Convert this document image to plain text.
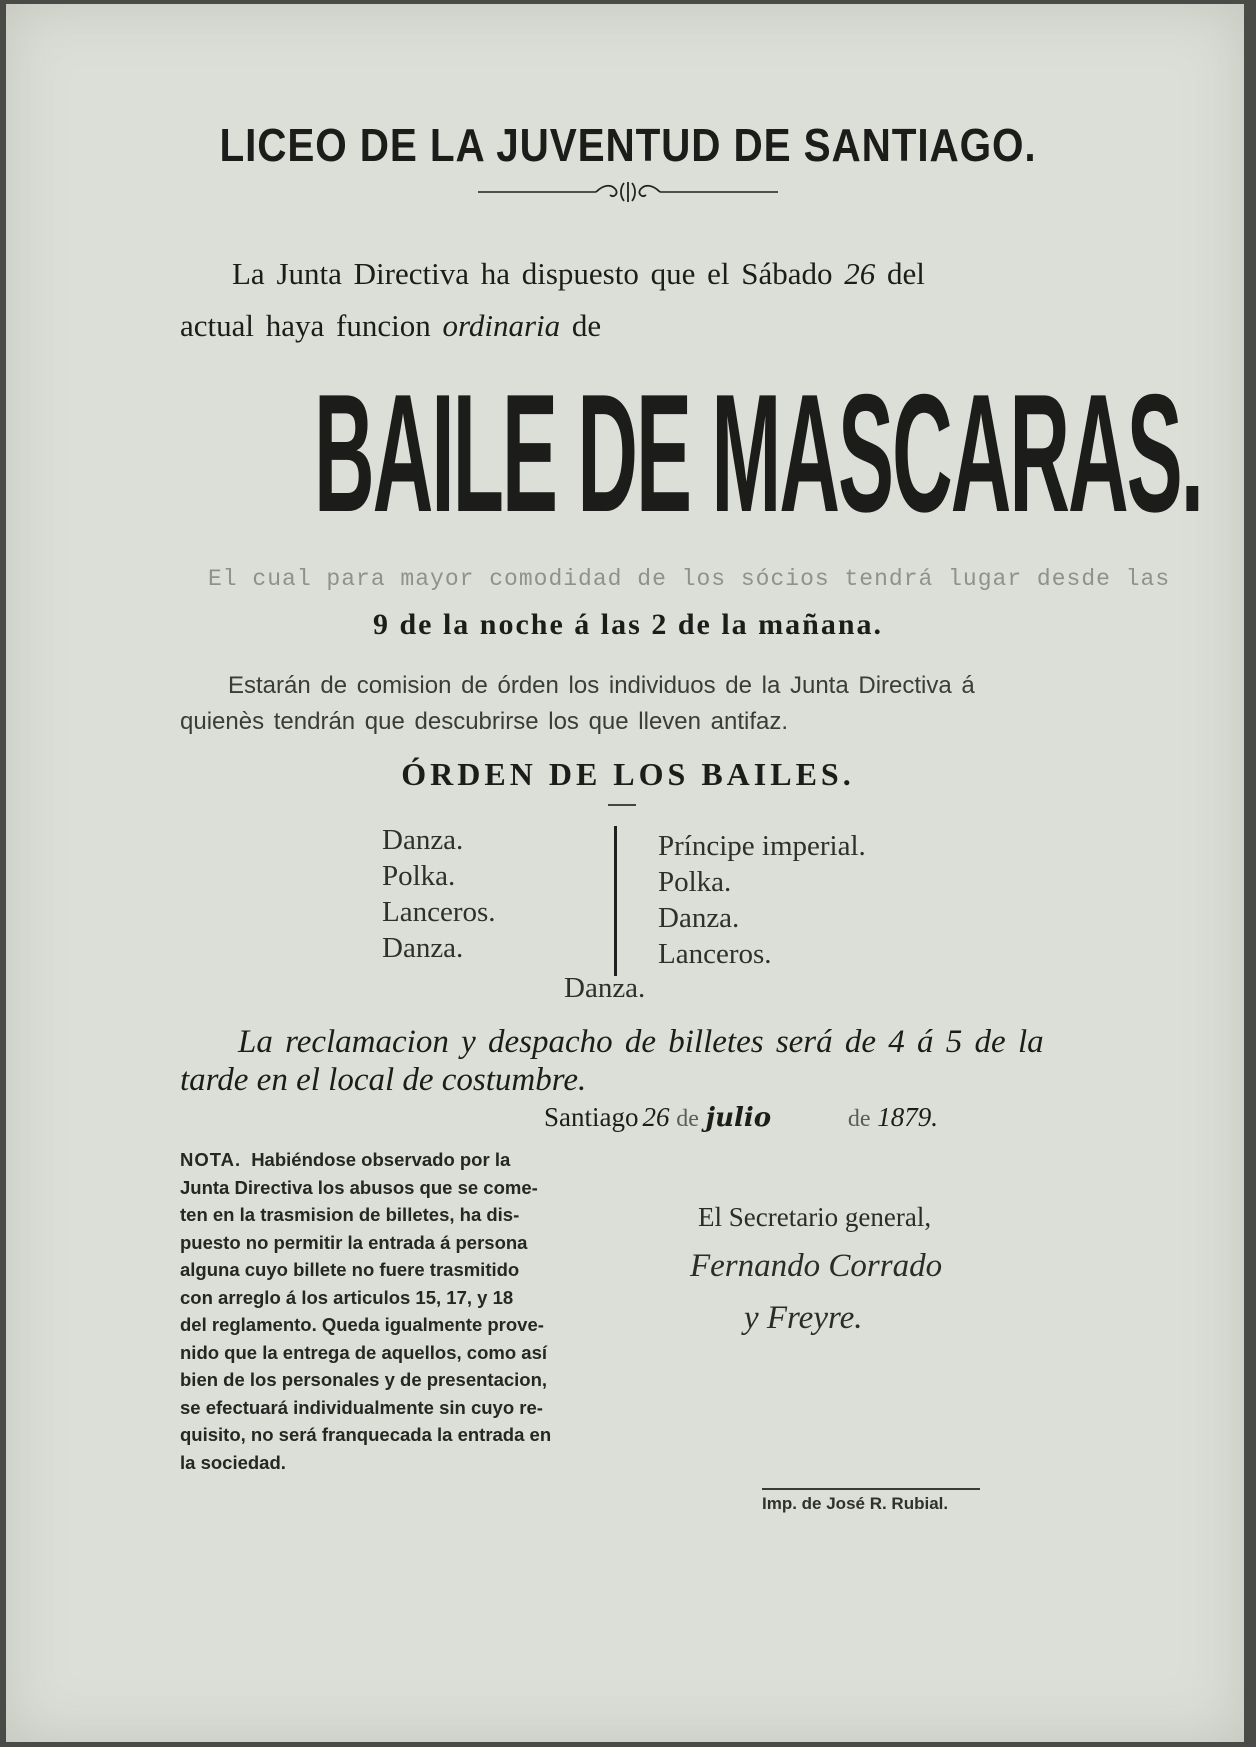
LICEO DE LA JUVENTUD DE SANTIAGO.
La Junta Directiva ha dispuesto que el Sábado 26 del
actual haya funcion ordinaria de
BAILE DE MASCARAS.
El cual para mayor comodidad de los sócios tendrá lugar desde las
9 de la noche á las 2 de la mañana.
Estarán de comision de órden los individuos de la Junta Directiva á
quienès tendrán que descubrirse los que lleven antifaz.
ÓRDEN DE LOS BAILES.
Danza.
Polka.
Lanceros.
Danza.
Príncipe imperial.
Polka.
Danza.
Lanceros.
Danza.
La reclamacion y despacho de billetes será de 4 á 5 de la
tarde en el local de costumbre.
Santiago 26 de julio	de 1879.
NOTA. Habiéndose observado por la
Junta Directiva los abusos que se come-
ten en la trasmision de billetes, ha dis-
puesto no permitir la entrada á persona
alguna cuyo billete no fuere trasmitido
con arreglo á los articulos 15, 17, y 18
del reglamento. Queda igualmente prove-
nido que la entrega de aquellos, como así
bien de los personales y de presentacion,
se efectuará individualmente sin cuyo re-
quisito, no será franquecada la entrada en
la sociedad.
El Secretario general,
Fernando Corrado
y Freyre.
Imp. de José R. Rubial.
